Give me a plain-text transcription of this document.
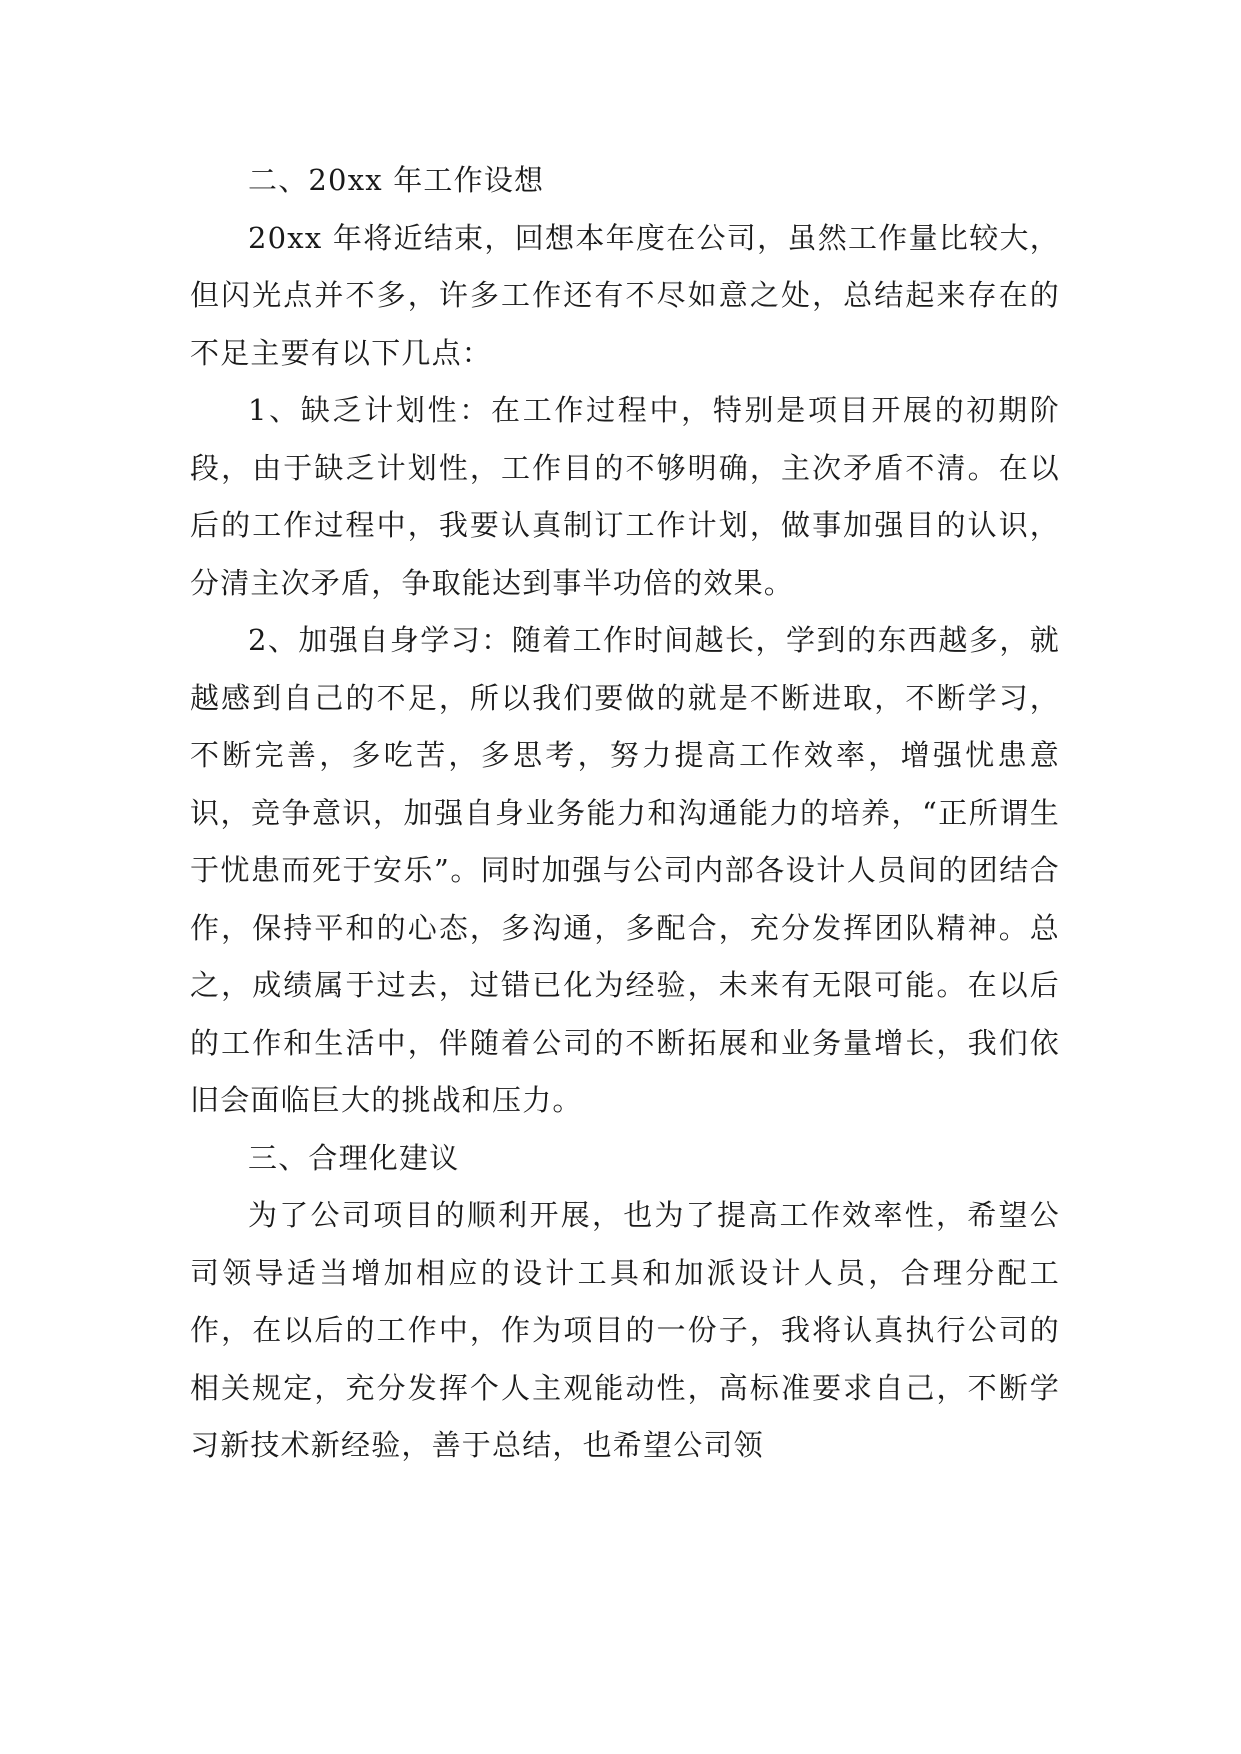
二、20xx 年工作设想

20xx 年将近结束，回想本年度在公司，虽然工作量比较大，但闪光点并不多，许多工作还有不尽如意之处，总结起来存在的不足主要有以下几点：

1、缺乏计划性：在工作过程中，特别是项目开展的初期阶段，由于缺乏计划性，工作目的不够明确，主次矛盾不清。在以后的工作过程中，我要认真制订工作计划，做事加强目的认识，分清主次矛盾，争取能达到事半功倍的效果。

2、加强自身学习：随着工作时间越长，学到的东西越多，就越感到自己的不足，所以我们要做的就是不断进取，不断学习，不断完善，多吃苦，多思考，努力提高工作效率，增强忧患意识，竞争意识，加强自身业务能力和沟通能力的培养，“正所谓生于忧患而死于安乐”。同时加强与公司内部各设计人员间的团结合作，保持平和的心态，多沟通，多配合，充分发挥团队精神。总之，成绩属于过去，过错已化为经验，未来有无限可能。在以后的工作和生活中，伴随着公司的不断拓展和业务量增长，我们依旧会面临巨大的挑战和压力。

三、合理化建议

为了公司项目的顺利开展，也为了提高工作效率性，希望公司领导适当增加相应的设计工具和加派设计人员，合理分配工作，在以后的工作中，作为项目的一份子，我将认真执行公司的相关规定，充分发挥个人主观能动性，高标准要求自己，不断学习新技术新经验，善于总结，也希望公司领
